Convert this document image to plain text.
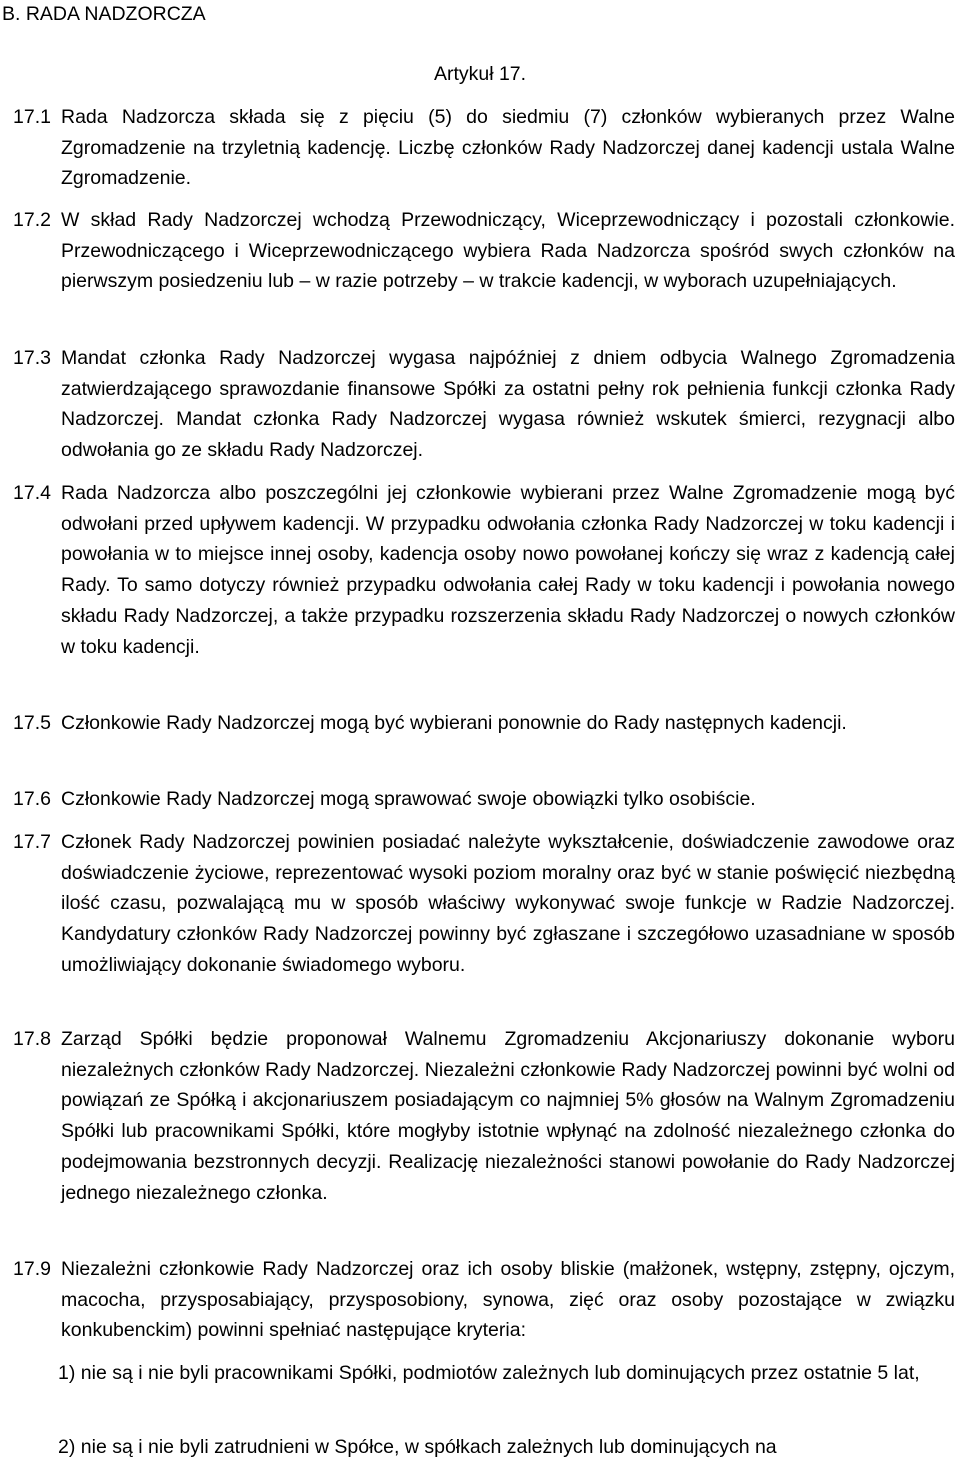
B. RADA NADZORCZA
Artykuł 17.
17.1 Rada Nadzorcza składa się z pięciu (5) do siedmiu (7) członków wybieranych przez Walne Zgromadzenie na trzyletnią kadencję. Liczbę członków Rady Nadzorczej danej kadencji ustala Walne Zgromadzenie.
17.2 W skład Rady Nadzorczej wchodzą Przewodniczący, Wiceprzewodniczący i pozostali członkowie. Przewodniczącego i Wiceprzewodniczącego wybiera Rada Nadzorcza spośród swych członków na pierwszym posiedzeniu lub – w razie potrzeby – w trakcie kadencji, w wyborach uzupełniających.
17.3 Mandat członka Rady Nadzorczej wygasa najpóźniej z dniem odbycia Walnego Zgromadzenia zatwierdzającego sprawozdanie finansowe Spółki za ostatni pełny rok pełnienia funkcji członka Rady Nadzorczej. Mandat członka Rady Nadzorczej wygasa również wskutek śmierci, rezygnacji albo odwołania go ze składu Rady Nadzorczej.
17.4 Rada Nadzorcza albo poszczególni jej członkowie wybierani przez Walne Zgromadzenie mogą być odwołani przed upływem kadencji. W przypadku odwołania członka Rady Nadzorczej w toku kadencji i powołania w to miejsce innej osoby, kadencja osoby nowo powołanej kończy się wraz z kadencją całej Rady. To samo dotyczy również przypadku odwołania całej Rady w toku kadencji i powołania nowego składu Rady Nadzorczej, a także przypadku rozszerzenia składu Rady Nadzorczej o nowych członków w toku kadencji.
17.5 Członkowie Rady Nadzorczej mogą być wybierani ponownie do Rady następnych kadencji.
17.6 Członkowie Rady Nadzorczej mogą sprawować swoje obowiązki tylko osobiście.
17.7 Członek Rady Nadzorczej powinien posiadać należyte wykształcenie, doświadczenie zawodowe oraz doświadczenie życiowe, reprezentować wysoki poziom moralny oraz być w stanie poświęcić niezbędną ilość czasu, pozwalającą mu w sposób właściwy wykonywać swoje funkcje w Radzie Nadzorczej. Kandydatury członków Rady Nadzorczej powinny być zgłaszane i szczegółowo uzasadniane w sposób umożliwiający dokonanie świadomego wyboru.
17.8 Zarząd Spółki będzie proponował Walnemu Zgromadzeniu Akcjonariuszy dokonanie wyboru niezależnych członków Rady Nadzorczej. Niezależni członkowie Rady Nadzorczej powinni być wolni od powiązań ze Spółką i akcjonariuszem posiadającym co najmniej 5% głosów na Walnym Zgromadzeniu Spółki lub pracownikami Spółki, które mogłyby istotnie wpłynąć na zdolność niezależnego członka do podejmowania bezstronnych decyzji. Realizację niezależności stanowi powołanie do Rady Nadzorczej jednego niezależnego członka.
17.9 Niezależni członkowie Rady Nadzorczej oraz ich osoby bliskie (małżonek, wstępny, zstępny, ojczym, macocha, przysposabiający, przysposobiony, synowa, zięć oraz osoby pozostające w związku konkubenckim) powinni spełniać następujące kryteria:
1) nie są i nie byli pracownikami Spółki, podmiotów zależnych lub dominujących przez ostatnie 5 lat,
2) nie są i nie byli zatrudnieni w Spółce, w spółkach zależnych lub dominujących na
